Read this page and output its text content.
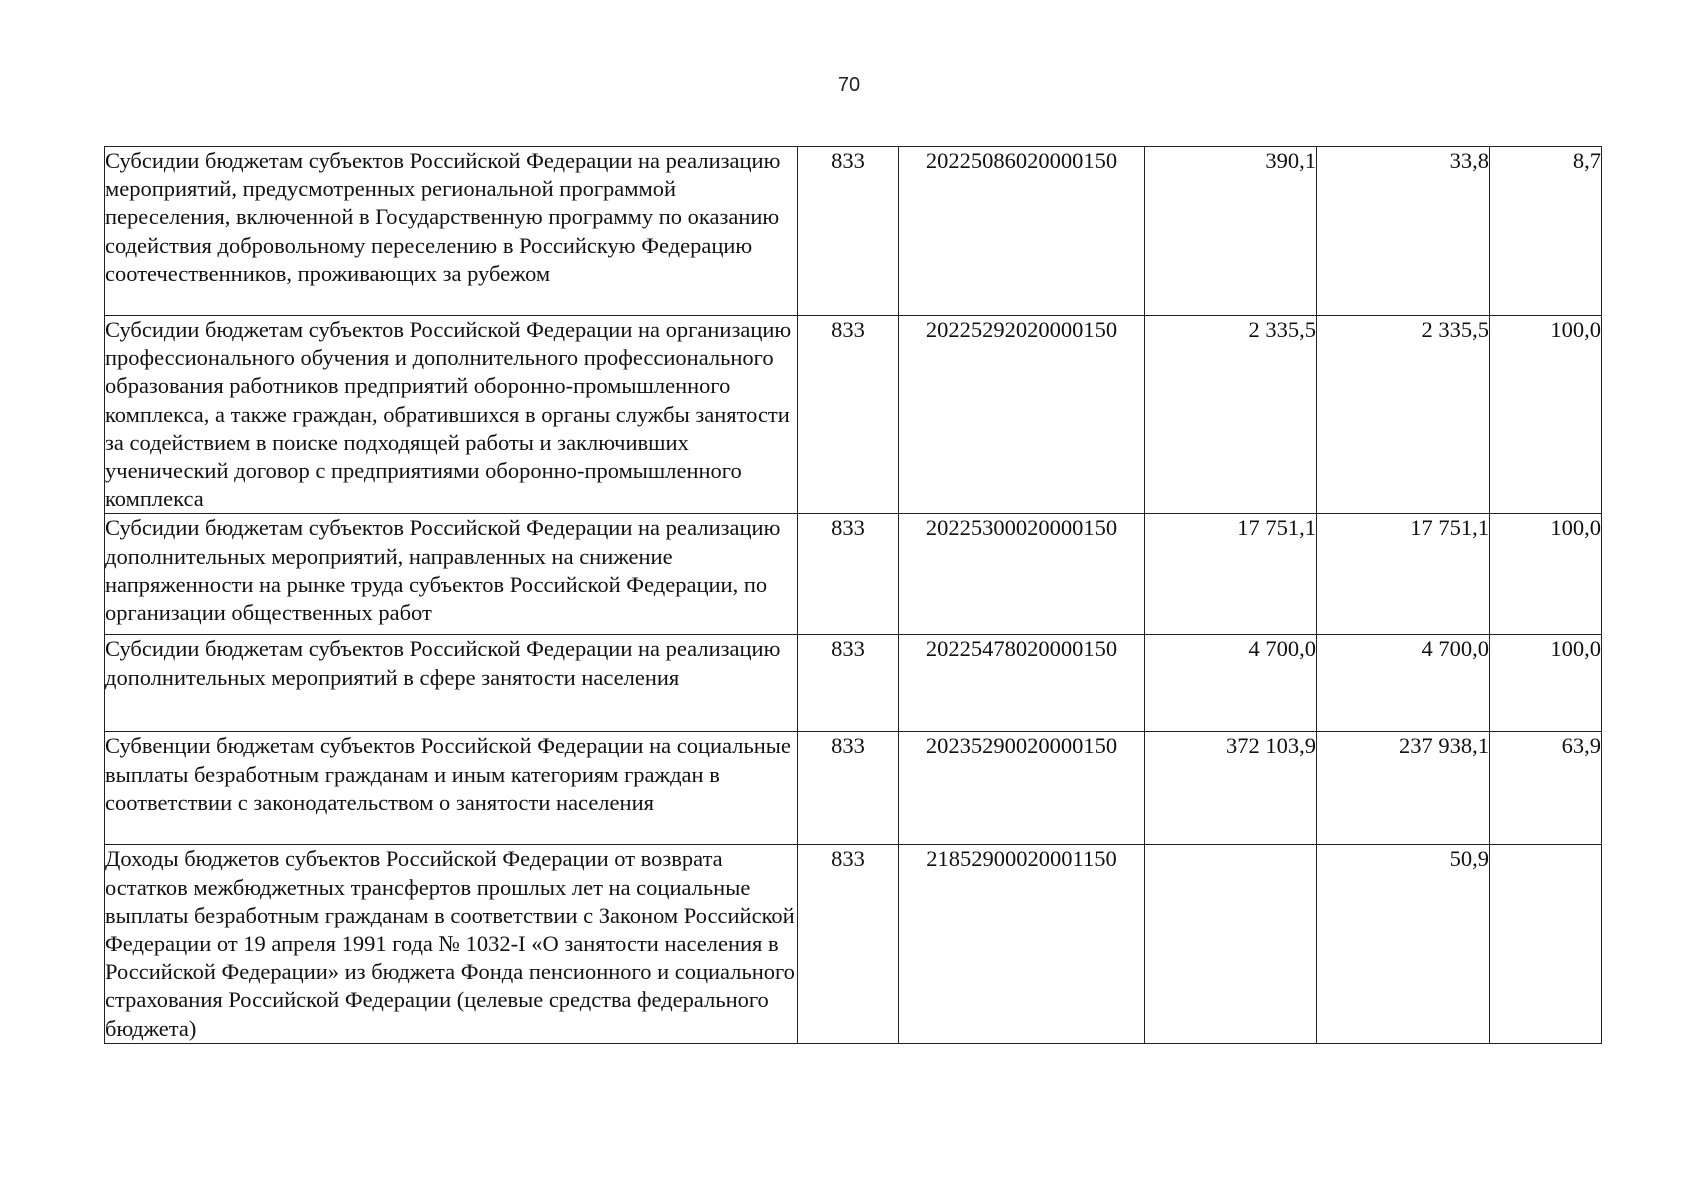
70
Субсидии бюджетам субъектов Российской Федерации на реализацию мероприятий, предусмотренных региональной программой переселения, включенной в Государственную программу по оказанию содействия добровольному переселению в Российскую Федерацию соотечественников, проживающих за рубежом	833	20225086020000150	390,1	33,8	8,7
Субсидии бюджетам субъектов Российской Федерации на организацию профессионального обучения и дополнительного профессионального образования работников предприятий оборонно-промышленного комплекса, а также граждан, обратившихся в органы службы занятости за содействием в поиске подходящей работы и заключивших ученический договор с предприятиями оборонно-промышленного комплекса	833	20225292020000150	2 335,5	2 335,5	100,0
Субсидии бюджетам субъектов Российской Федерации на реализацию дополнительных мероприятий, направленных на снижение напряженности на рынке труда субъектов Российской Федерации, по организации общественных работ	833	20225300020000150	17 751,1	17 751,1	100,0
Субсидии бюджетам субъектов Российской Федерации на реализацию дополнительных мероприятий в сфере занятости населения	833	20225478020000150	4 700,0	4 700,0	100,0
Субвенции бюджетам субъектов Российской Федерации на социальные выплаты безработным гражданам и иным категориям граждан в соответствии с законодательством о занятости населения	833	20235290020000150	372 103,9	237 938,1	63,9
Доходы бюджетов субъектов Российской Федерации от возврата остатков межбюджетных трансфертов прошлых лет на социальные выплаты безработным гражданам в соответствии с Законом Российской Федерации от 19 апреля 1991 года № 1032-I «О занятости населения в Российской Федерации» из бюджета Фонда пенсионного и социального страхования Российской Федерации (целевые средства федерального бюджета)	833	21852900020001150		50,9	
